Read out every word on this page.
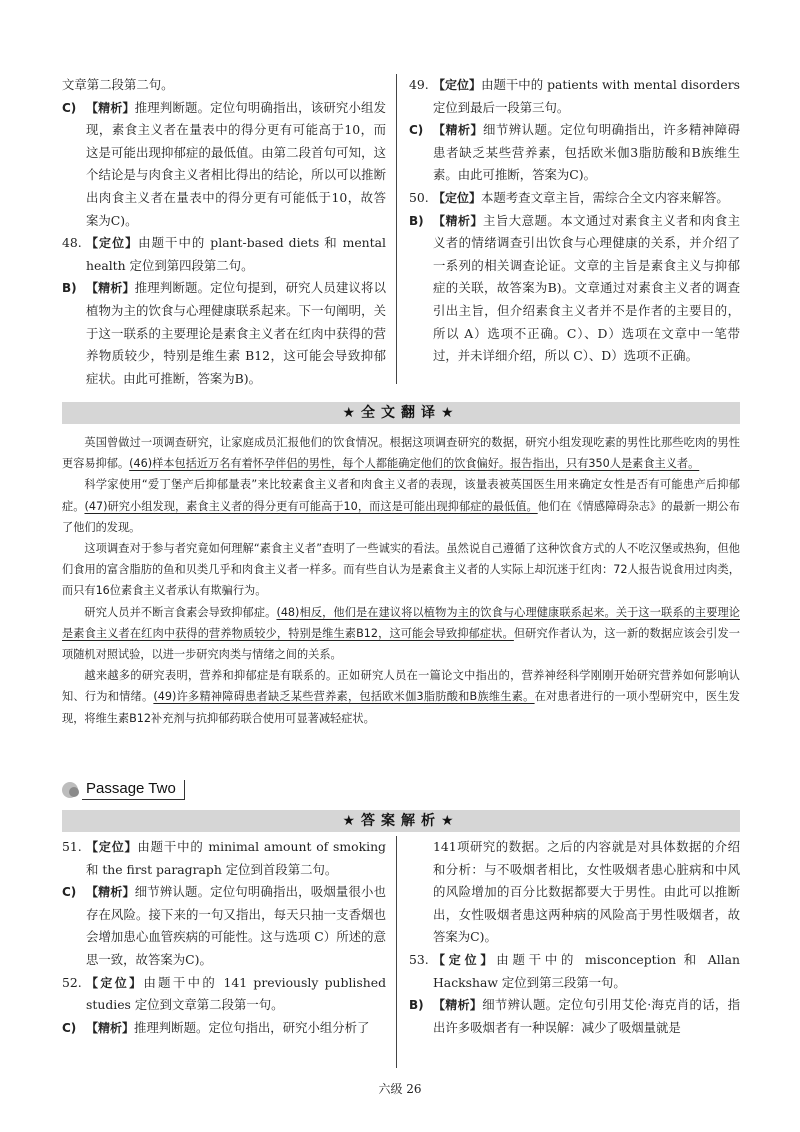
文章第二段第二句。
C) 【精析】推理判断题。定位句明确指出，该研究小组发现，素食主义者在量表中的得分更有可能高于10，而这是可能出现抑郁症的最低值。由第二段首句可知，这个结论是与肉食主义者相比得出的结论，所以可以推断出肉食主义者在量表中的得分更有可能低于10，故答案为C)。
48. 【定位】由题干中的 plant-based diets 和 mental health 定位到第四段第二句。
B) 【精析】推理判断题。定位句提到，研究人员建议将以植物为主的饮食与心理健康联系起来。下一句阐明，关于这一联系的主要理论是素食主义者在红肉中获得的营养物质较少，特别是维生素 B12，这可能会导致抑郁症状。由此可推断，答案为B)。
49. 【定位】由题干中的 patients with mental disorders 定位到最后一段第三句。
C) 【精析】细节辨认题。定位句明确指出，许多精神障碍患者缺乏某些营养素，包括欧米伽3脂肪酸和B族维生素。由此可推断，答案为C)。
50. 【定位】本题考查文章主旨，需综合全文内容来解答。
B) 【精析】主旨大意题。本文通过对素食主义者和肉食主义者的情绪调查引出饮食与心理健康的关系，并介绍了一系列的相关调查论证。文章的主旨是素食主义与抑郁症的关联，故答案为B)。文章通过对素食主义者的调查引出主旨，但介绍素食主义者并不是作者的主要目的，所以 A）选项不正确。C）、D）选项在文章中一笔带过，并未详细介绍，所以 C）、D）选项不正确。
★全文翻译★
英国曾做过一项调查研究，让家庭成员汇报他们的饮食情况。根据这项调查研究的数据，研究小组发现吃素的男性比那些吃肉的男性更容易抑郁。(46)样本包括近万名有着怀孕伴侣的男性，每个人都能确定他们的饮食偏好。报告指出，只有350人是素食主义者。
科学家使用“爱丁堡产后抑郁量表”来比较素食主义者和肉食主义者的表现，该量表被英国医生用来确定女性是否有可能患产后抑郁症。(47)研究小组发现，素食主义者的得分更有可能高于10，而这是可能出现抑郁症的最低值。他们在《情感障碍杂志》的最新一期公布了他们的发现。
这项调查对于参与者究竟如何理解“素食主义者”查明了一些诚实的看法。虽然说自己遵循了这种饮食方式的人不吃汉堡或热狗，但他们食用的富含脂肪的鱼和贝类几乎和肉食主义者一样多。而有些自认为是素食主义者的人实际上却沉迷于红肉：72人报告说食用过肉类，而只有16位素食主义者承认有欺骗行为。
研究人员并不断言食素会导致抑郁症。(48)相反，他们是在建议将以植物为主的饮食与心理健康联系起来。关于这一联系的主要理论是素食主义者在红肉中获得的营养物质较少，特别是维生素B12，这可能会导致抑郁症状。但研究作者认为，这一新的数据应该会引发一项随机对照试验，以进一步研究肉类与情绪之间的关系。
越来越多的研究表明，营养和抑郁症是有联系的。正如研究人员在一篇论文中指出的，营养神经科学刚刚开始研究营养如何影响认知、行为和情绪。(49)许多精神障碍患者缺乏某些营养素，包括欧米伽3脂肪酸和B族维生素。在对患者进行的一项小型研究中，医生发现，将维生素B12补充剂与抗抑郁药联合使用可显著减轻症状。
Passage Two
★答案解析★
51. 【定位】由题干中的 minimal amount of smoking 和 the first paragraph 定位到首段第二句。
C) 【精析】细节辨认题。定位句明确指出，吸烟量很小也存在风险。接下来的一句又指出，每天只抽一支香烟也会增加患心血管疾病的可能性。这与选项 C）所述的意思一致，故答案为C)。
52. 【定位】由题干中的 141 previously published studies 定位到文章第二段第一句。
C) 【精析】推理判断题。定位句指出，研究小组分析了
141项研究的数据。之后的内容就是对具体数据的介绍和分析：与不吸烟者相比，女性吸烟者患心脏病和中风的风险增加的百分比数据都要大于男性。由此可以推断出，女性吸烟者患这两种病的风险高于男性吸烟者，故答案为C)。
53. 【定位】由题干中的 misconception 和 Allan Hackshaw 定位到第三段第一句。
B) 【精析】细节辨认题。定位句引用艾伦·海克肖的话，指出许多吸烟者有一种误解：减少了吸烟量就是
六级 26
